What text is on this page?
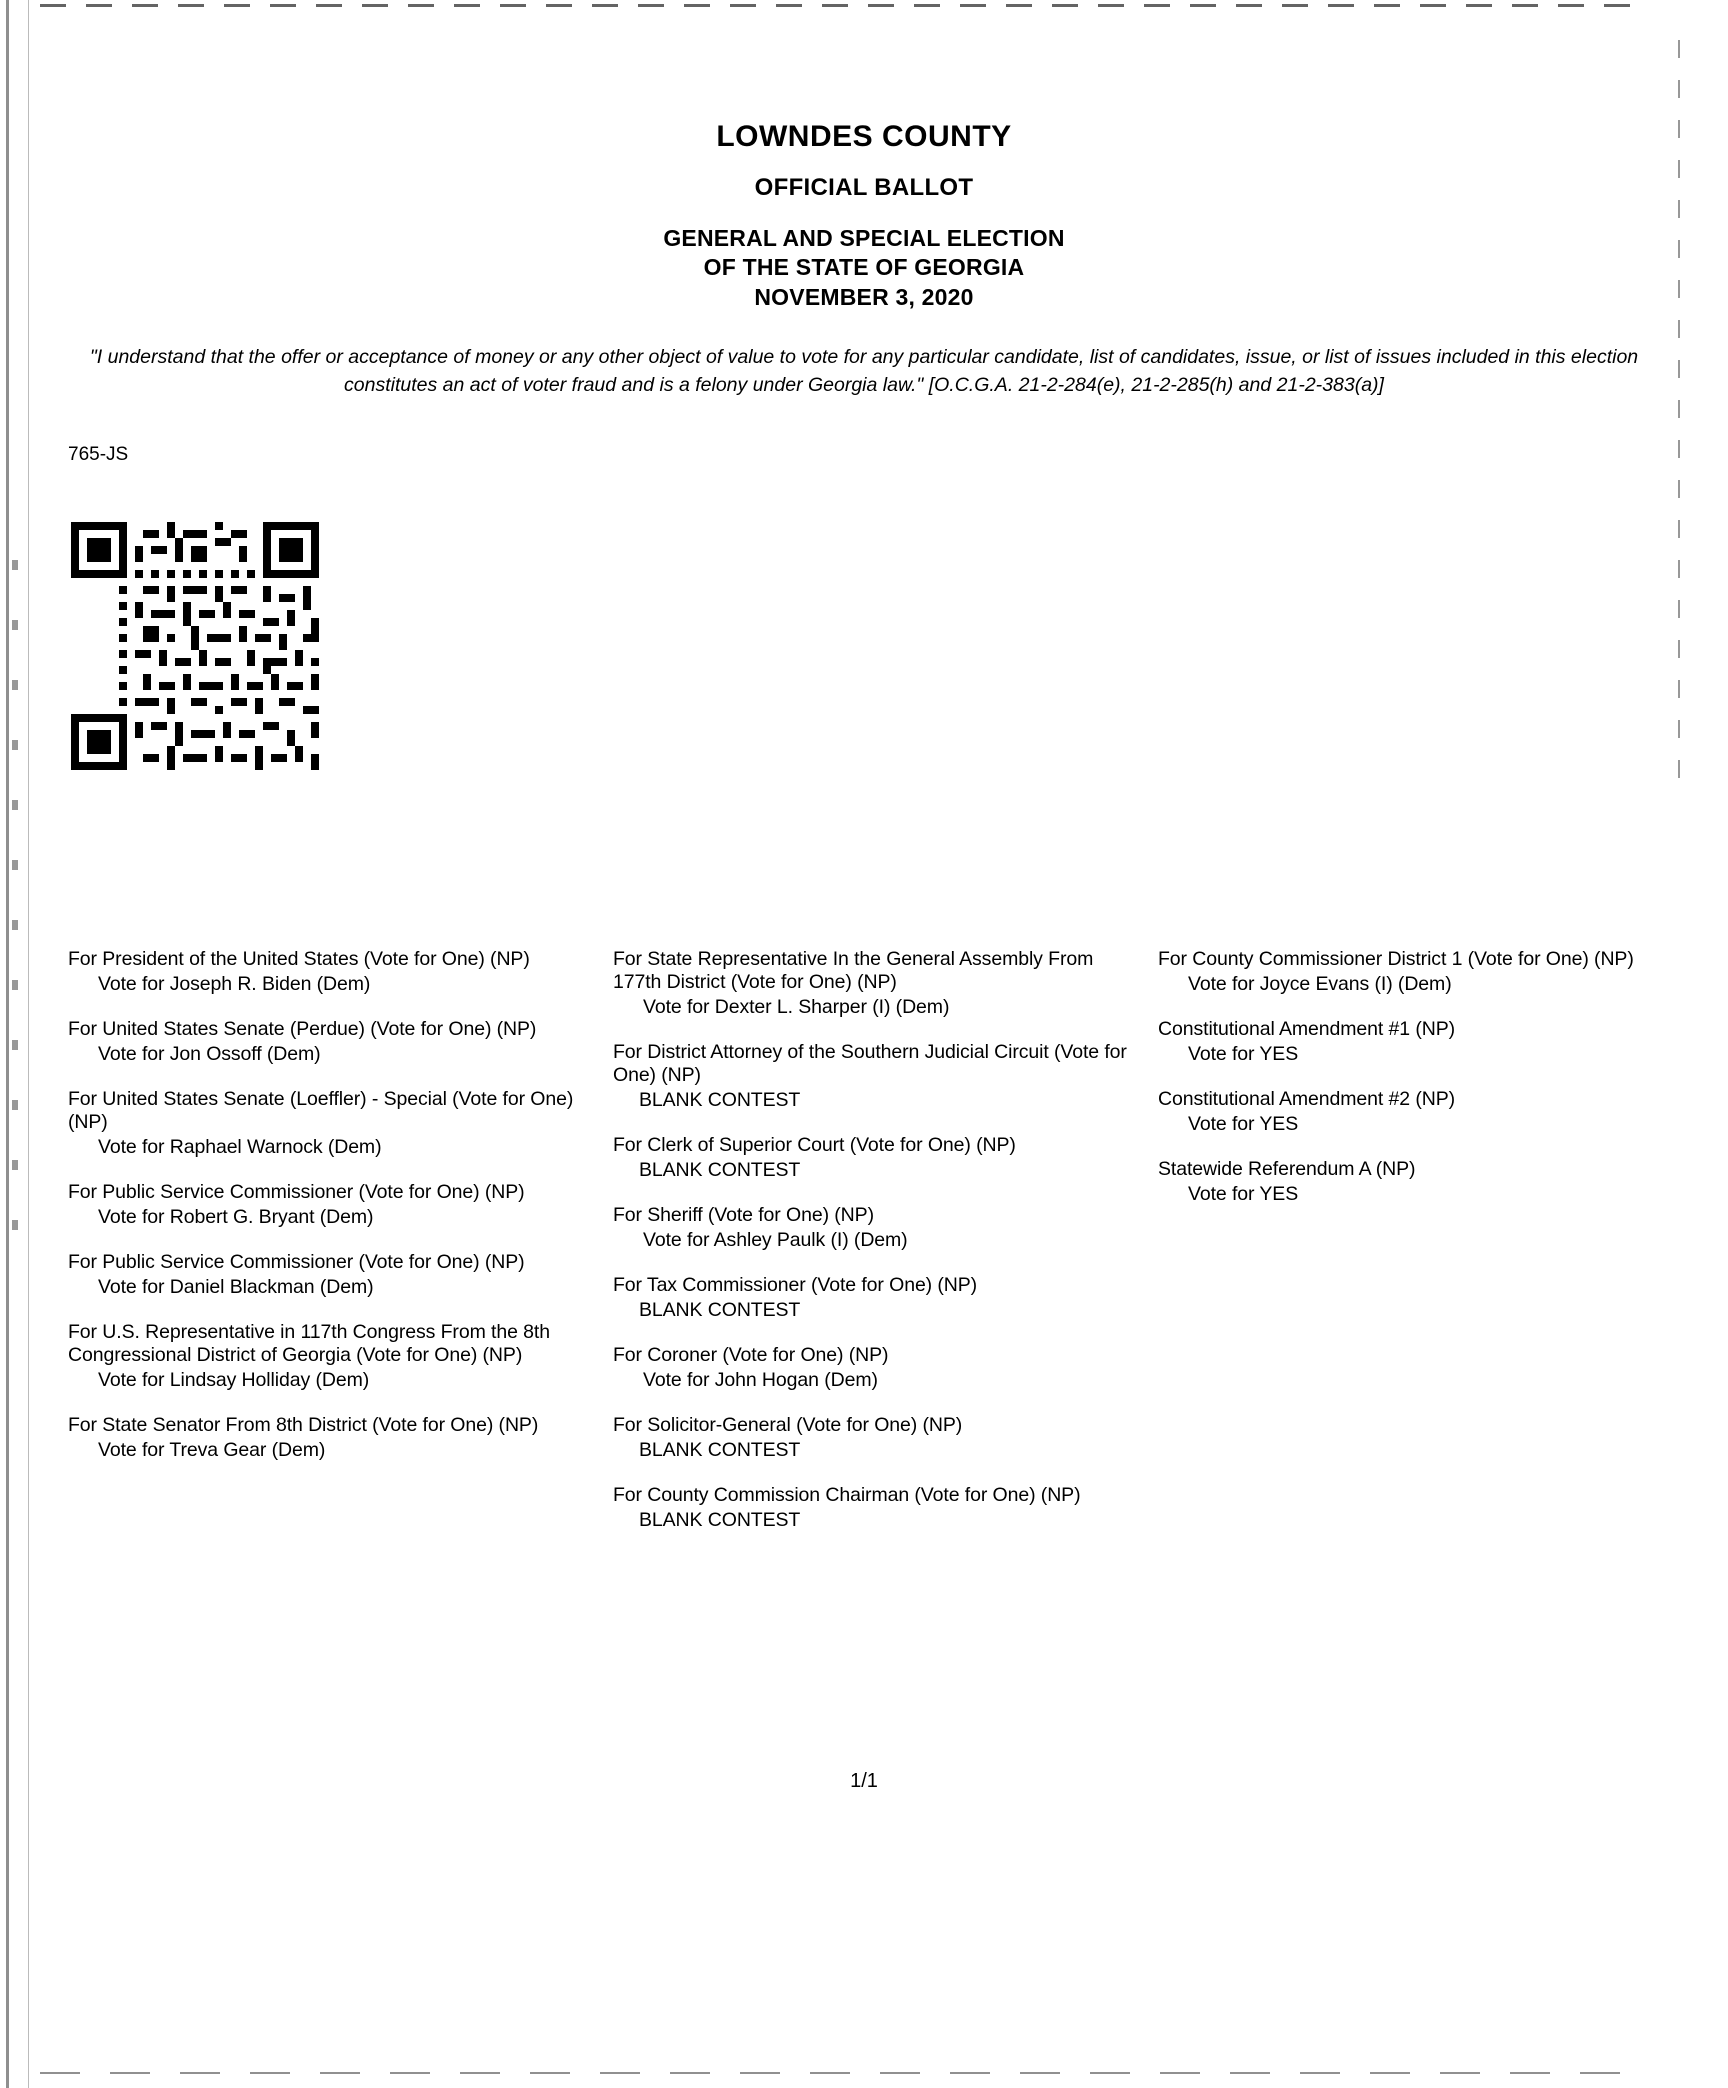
LOWNDES COUNTY
OFFICIAL BALLOT
GENERAL AND SPECIAL ELECTION
OF THE STATE OF GEORGIA
NOVEMBER 3, 2020
"I understand that the offer or acceptance of money or any other object of value to vote for any particular candidate, list of candidates, issue, or list of issues included in this election constitutes an act of voter fraud and is a felony under Georgia law." [O.C.G.A. 21-2-284(e), 21-2-285(h) and 21-2-383(a)]
765-JS
For President of the United States (Vote for One) (NP)
Vote for Joseph R. Biden (Dem)
For United States Senate (Perdue) (Vote for One) (NP)
Vote for Jon Ossoff (Dem)
For United States Senate (Loeffler) - Special (Vote for One) (NP)
Vote for Raphael Warnock (Dem)
For Public Service Commissioner (Vote for One) (NP)
Vote for Robert G. Bryant (Dem)
For Public Service Commissioner (Vote for One) (NP)
Vote for Daniel Blackman (Dem)
For U.S. Representative in 117th Congress From the 8th Congressional District of Georgia (Vote for One) (NP)
Vote for Lindsay Holliday (Dem)
For State Senator From 8th District (Vote for One) (NP)
Vote for Treva Gear (Dem)
For State Representative In the General Assembly From 177th District (Vote for One) (NP)
Vote for Dexter L. Sharper (I) (Dem)
For District Attorney of the Southern Judicial Circuit (Vote for One) (NP)
BLANK CONTEST
For Clerk of Superior Court (Vote for One) (NP)
BLANK CONTEST
For Sheriff (Vote for One) (NP)
Vote for Ashley Paulk (I) (Dem)
For Tax Commissioner (Vote for One) (NP)
BLANK CONTEST
For Coroner (Vote for One) (NP)
Vote for John Hogan (Dem)
For Solicitor-General (Vote for One) (NP)
BLANK CONTEST
For County Commission Chairman (Vote for One) (NP)
BLANK CONTEST
For County Commissioner District 1 (Vote for One) (NP)
Vote for Joyce Evans (I) (Dem)
Constitutional Amendment #1 (NP)
Vote for YES
Constitutional Amendment #2 (NP)
Vote for YES
Statewide Referendum A (NP)
Vote for YES
1/1
